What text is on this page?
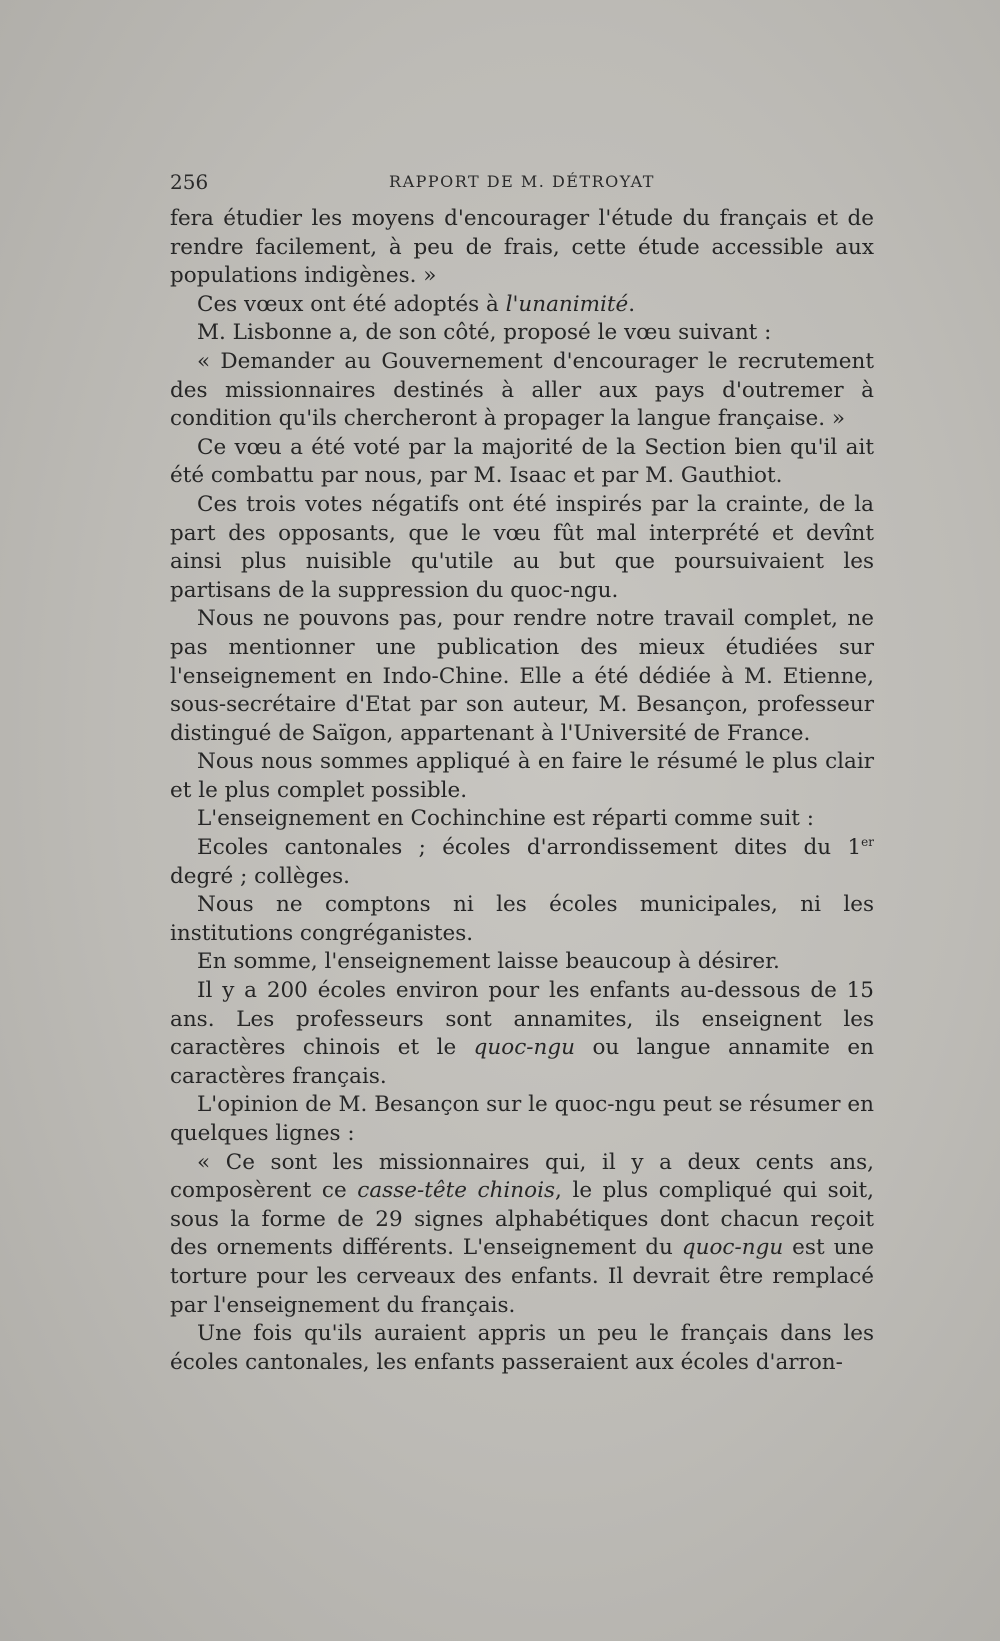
256	RAPPORT DE M. DÉTROYAT

fera étudier les moyens d'encourager l'étude du français et de rendre facilement, à peu de frais, cette étude accessible aux populations indigènes. »

Ces vœux ont été adoptés à l'unanimité.

M. Lisbonne a, de son côté, proposé le vœu suivant :

« Demander au Gouvernement d'encourager le recrutement des missionnaires destinés à aller aux pays d'outremer à condition qu'ils chercheront à propager la langue française. »

Ce vœu a été voté par la majorité de la Section bien qu'il ait été combattu par nous, par M. Isaac et par M. Gauthiot.

Ces trois votes négatifs ont été inspirés par la crainte, de la part des opposants, que le vœu fût mal interprété et devînt ainsi plus nuisible qu'utile au but que poursuivaient les partisans de la suppression du quoc-ngu.

Nous ne pouvons pas, pour rendre notre travail complet, ne pas mentionner une publication des mieux étudiées sur l'enseignement en Indo-Chine. Elle a été dédiée à M. Etienne, sous-secrétaire d'Etat par son auteur, M. Besançon, professeur distingué de Saïgon, appartenant à l'Université de France.

Nous nous sommes appliqué à en faire le résumé le plus clair et le plus complet possible.

L'enseignement en Cochinchine est réparti comme suit :

Ecoles cantonales ; écoles d'arrondissement dites du 1er degré ; collèges.

Nous ne comptons ni les écoles municipales, ni les institutions congréganistes.

En somme, l'enseignement laisse beaucoup à désirer.

Il y a 200 écoles environ pour les enfants au-dessous de 15 ans. Les professeurs sont annamites, ils enseignent les caractères chinois et le quoc-ngu ou langue annamite en caractères français.

L'opinion de M. Besançon sur le quoc-ngu peut se résumer en quelques lignes :

« Ce sont les missionnaires qui, il y a deux cents ans, composèrent ce casse-tête chinois, le plus compliqué qui soit, sous la forme de 29 signes alphabétiques dont chacun reçoit des ornements différents. L'enseignement du quoc-ngu est une torture pour les cerveaux des enfants. Il devrait être remplacé par l'enseignement du français.

Une fois qu'ils auraient appris un peu le français dans les écoles cantonales, les enfants passeraient aux écoles d'arron-
